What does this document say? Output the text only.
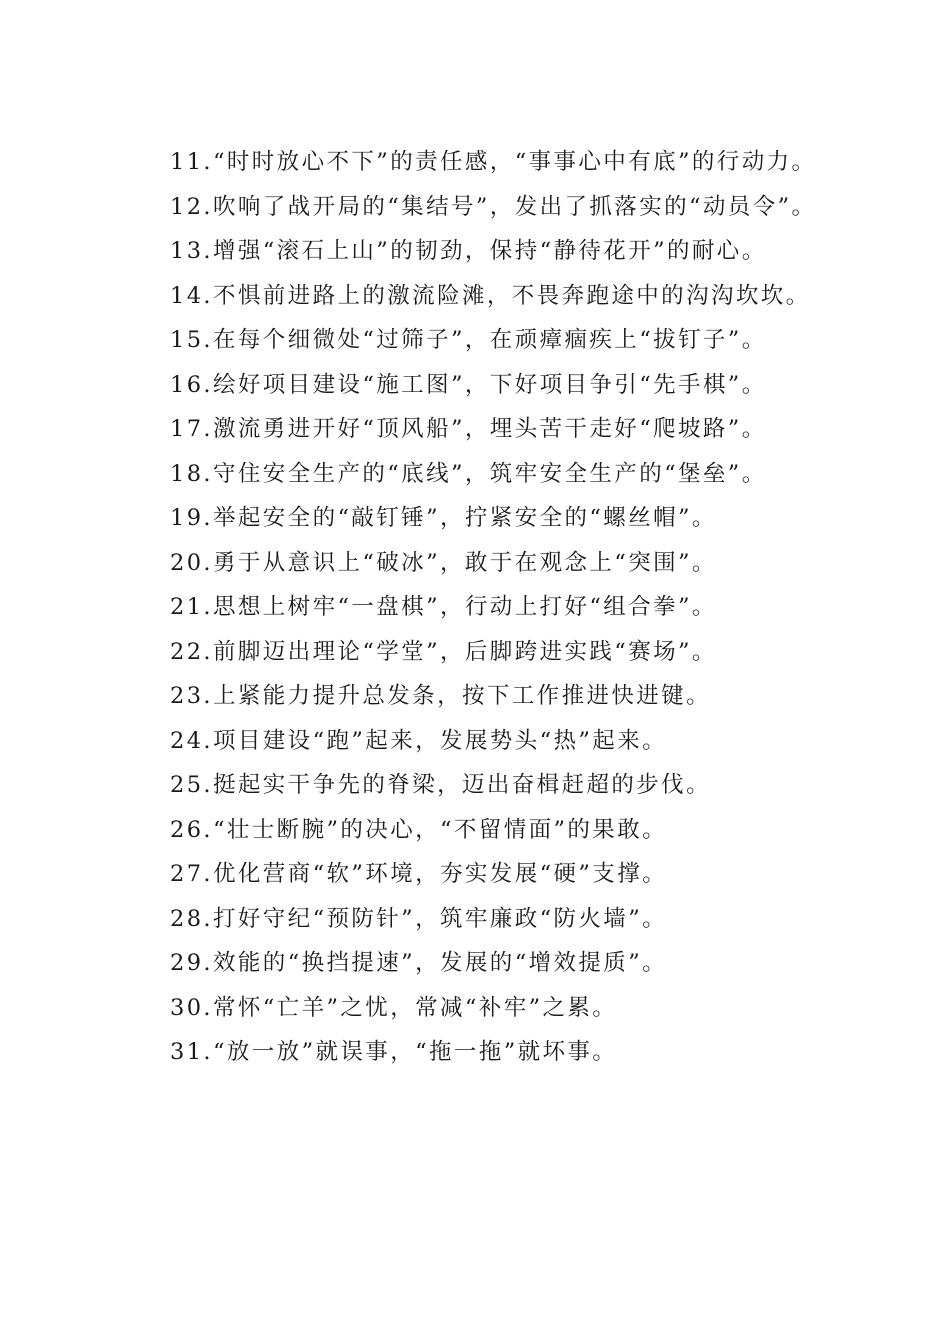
11.“时时放心不下”的责任感，“事事心中有底”的行动力。

12.吹响了战开局的“集结号”，发出了抓落实的“动员令”。

13.增强“滚石上山”的韧劲，保持“静待花开”的耐心。

14.不惧前进路上的激流险滩，不畏奔跑途中的沟沟坎坎。

15.在每个细微处“过筛子”，在顽瘴痼疾上“拔钉子”。

16.绘好项目建设“施工图”，下好项目争引“先手棋”。

17.激流勇进开好“顶风船”，埋头苦干走好“爬坡路”。

18.守住安全生产的“底线”，筑牢安全生产的“堡垒”。

19.举起安全的“敲钉锤”，拧紧安全的“螺丝帽”。

20.勇于从意识上“破冰”，敢于在观念上“突围”。

21.思想上树牢“一盘棋”，行动上打好“组合拳”。

22.前脚迈出理论“学堂”，后脚跨进实践“赛场”。

23.上紧能力提升总发条，按下工作推进快进键。

24.项目建设“跑”起来，发展势头“热”起来。

25.挺起实干争先的脊梁，迈出奋楫赶超的步伐。

26.“壮士断腕”的决心，“不留情面”的果敢。

27.优化营商“软”环境，夯实发展“硬”支撑。

28.打好守纪“预防针”，筑牢廉政“防火墙”。

29.效能的“换挡提速”，发展的“增效提质”。

30.常怀“亡羊”之忧，常减“补牢”之累。

31.“放一放”就误事，“拖一拖”就坏事。
